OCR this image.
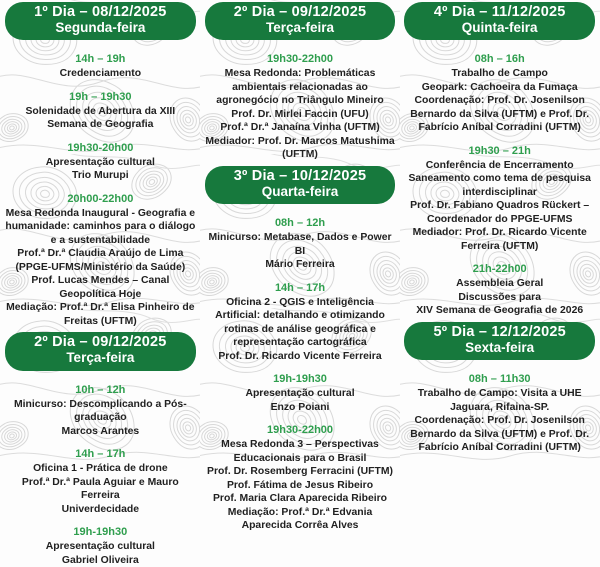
1º Dia – 08/12/2025
Segunda-feira
14h – 19h
Credenciamento
19h – 19h30
Solenidade de Abertura da XIII Semana de Geografia
19h30-20h00
Apresentação cultural
Trio Murupi
20h00-22h00
Mesa Redonda Inaugural - Geografia e humanidade: caminhos para o diálogo e a sustentabilidade
Prof.ª Dr.ª Claudia Araújo de Lima (PPGE-UFMS/Ministério da Saúde)
Prof. Lucas Mendes – Canal Geopolítica Hoje
Mediação: Prof.ª Dr.ª Elisa Pinheiro de Freitas (UFTM)
2º Dia – 09/12/2025
Terça-feira
10h – 12h
Minicurso: Descomplicando a Pós-graduação
Marcos Arantes
14h – 17h
Oficina 1 - Prática de drone
Prof.ª Dr.ª Paula Aguiar e Mauro Ferreira
Univerdecidade
19h-19h30
Apresentação cultural
Gabriel Oliveira
2º Dia – 09/12/2025
Terça-feira
19h30-22h00
Mesa Redonda: Problemáticas ambientais relacionadas ao agronegócio no Triângulo Mineiro
Prof. Dr. Mirlei Faccin (UFU)
Prof.ª Dr.ª Janaína Vinha (UFTM)
Mediador: Prof. Dr. Marcos Matushima (UFTM)
3º Dia – 10/12/2025
Quarta-feira
08h – 12h
Minicurso: Metabase, Dados e Power BI
Mário Ferreira
14h – 17h
Oficina 2 - QGIS e Inteligência Artificial: detalhando e otimizando rotinas de análise geográfica e representação cartográfica
Prof. Dr. Ricardo Vicente Ferreira
19h-19h30
Apresentação cultural
Enzo Poiani
19h30-22h00
Mesa Redonda 3 – Perspectivas Educacionais para o Brasil
Prof. Dr. Rosemberg Ferracini (UFTM)
Prof. Fátima de Jesus Ribeiro
Prof. Maria Clara Aparecida Ribeiro
Mediação: Prof.ª Dr.ª Edvania Aparecida Corrêa Alves
4º Dia – 11/12/2025
Quinta-feira
08h – 16h
Trabalho de Campo
Geopark: Cachoeira da Fumaça
Coordenação: Prof. Dr. Josenilson Bernardo da Silva (UFTM) e Prof. Dr. Fabrício Aníbal Corradini (UFTM)
19h30 – 21h
Conferência de Encerramento
Saneamento como tema de pesquisa interdisciplinar
Prof. Dr. Fabiano Quadros Rückert – Coordenador do PPGE-UFMS
Mediador: Prof. Dr. Ricardo Vicente Ferreira (UFTM)
21h-22h00
Assembleia Geral
Discussões para
XIV Semana de Geografia de 2026
5º Dia – 12/12/2025
Sexta-feira
08h – 11h30
Trabalho de Campo: Visita a UHE Jaguara, Rifaina-SP.
Coordenação: Prof. Dr. Josenilson Bernardo da Silva (UFTM) e Prof. Dr. Fabrício Aníbal Corradini (UFTM)
